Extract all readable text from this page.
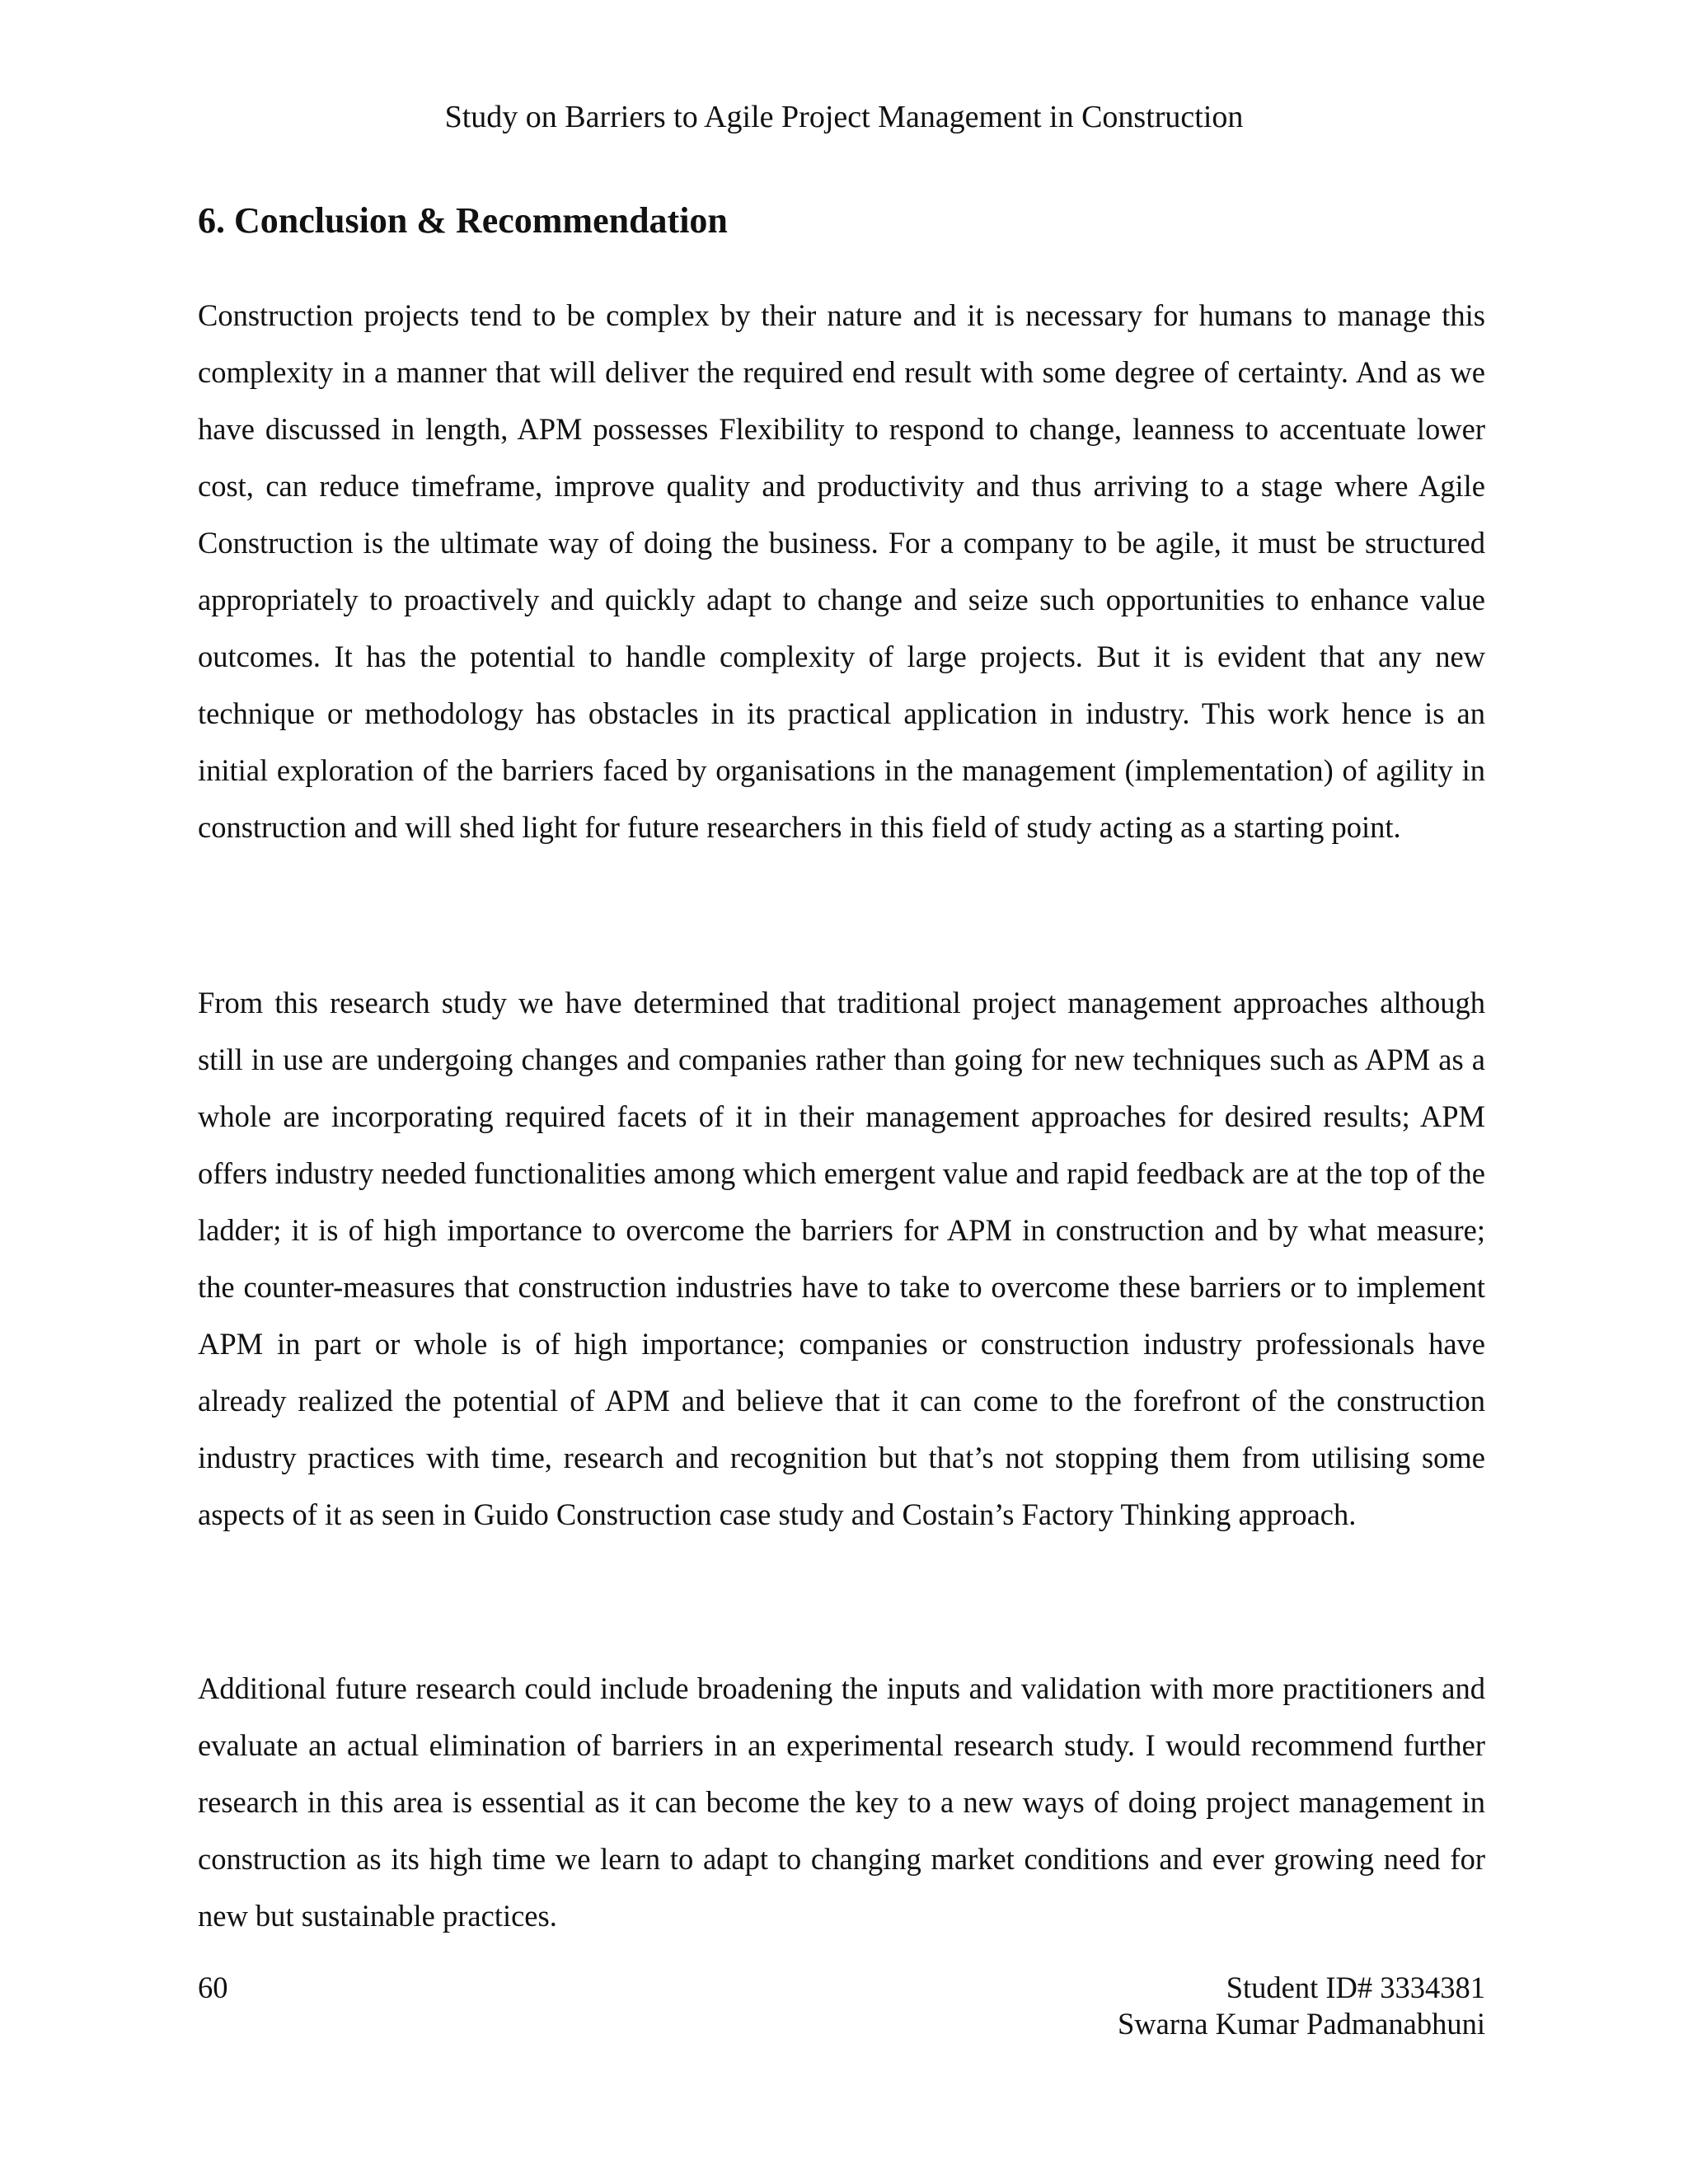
Study on Barriers to Agile Project Management in Construction
6. Conclusion & Recommendation

Construction projects tend to be complex by their nature and it is necessary for humans to manage this complexity in a manner that will deliver the required end result with some degree of certainty. And as we have discussed in length, APM possesses Flexibility to respond to change, leanness to accentuate lower cost, can reduce timeframe, improve quality and productivity and thus arriving to a stage where Agile Construction is the ultimate way of doing the business. For a company to be agile, it must be structured appropriately to proactively and quickly adapt to change and seize such opportunities to enhance value outcomes. It has the potential to handle complexity of large projects. But it is evident that any new technique or methodology has obstacles in its practical application in industry. This work hence is an initial exploration of the barriers faced by organisations in the management (implementation) of agility in construction and will shed light for future researchers in this field of study acting as a starting point.

From this research study we have determined that traditional project management approaches although still in use are undergoing changes and companies rather than going for new techniques such as APM as a whole are incorporating required facets of it in their management approaches for desired results; APM offers industry needed functionalities among which emergent value and rapid feedback are at the top of the ladder; it is of high importance to overcome the barriers for APM in construction and by what measure; the counter-measures that construction industries have to take to overcome these barriers or to implement APM in part or whole is of high importance; companies or construction industry professionals have already realized the potential of APM and believe that it can come to the forefront of the construction industry practices with time, research and recognition but that’s not stopping them from utilising some aspects of it as seen in Guido Construction case study and Costain’s Factory Thinking approach.

Additional future research could include broadening the inputs and validation with more practitioners and evaluate an actual elimination of barriers in an experimental research study. I would recommend further research in this area is essential as it can become the key to a new ways of doing project management in construction as its high time we learn to adapt to changing market conditions and ever growing need for new but sustainable practices.

60	Student ID# 3334381
Swarna Kumar Padmanabhuni
